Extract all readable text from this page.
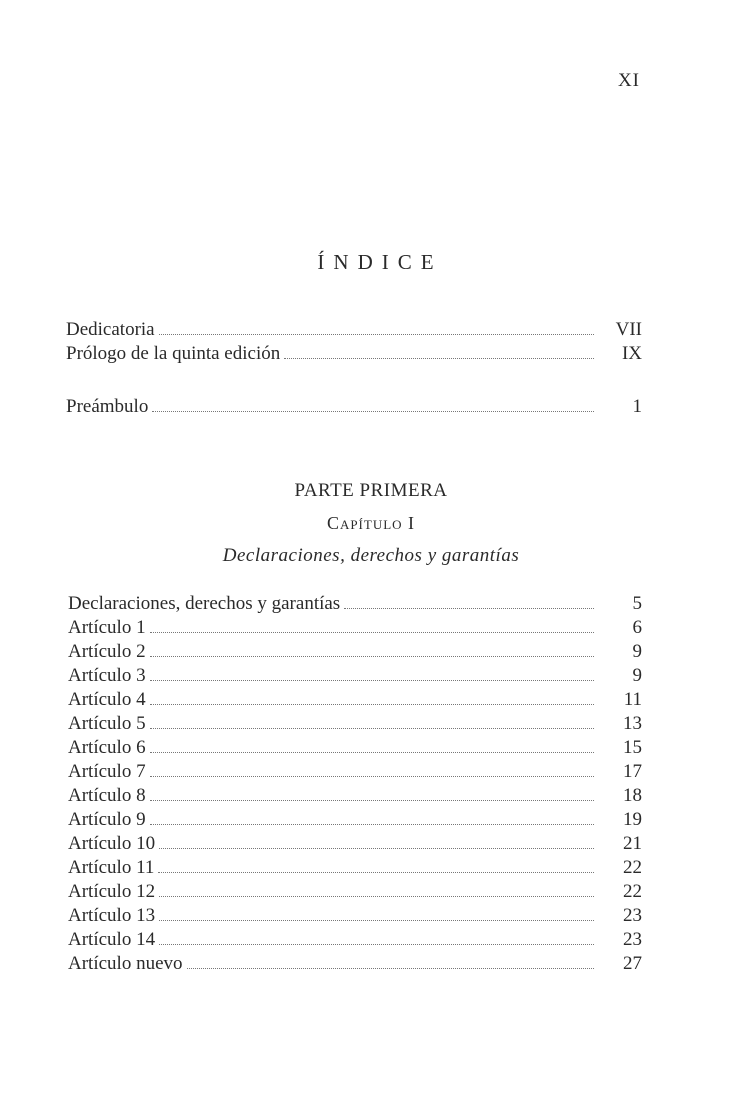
XI
ÍNDICE
Dedicatoria	VII
Prólogo de la quinta edición	IX
Preámbulo	1
PARTE PRIMERA
Capítulo I
Declaraciones, derechos y garantías
Declaraciones, derechos y garantías	5
Artículo 1	6
Artículo 2	9
Artículo 3	9
Artículo 4	11
Artículo 5	13
Artículo 6	15
Artículo 7	17
Artículo 8	18
Artículo 9	19
Artículo 10	21
Artículo 11	22
Artículo 12	22
Artículo 13	23
Artículo 14	23
Artículo nuevo	27
